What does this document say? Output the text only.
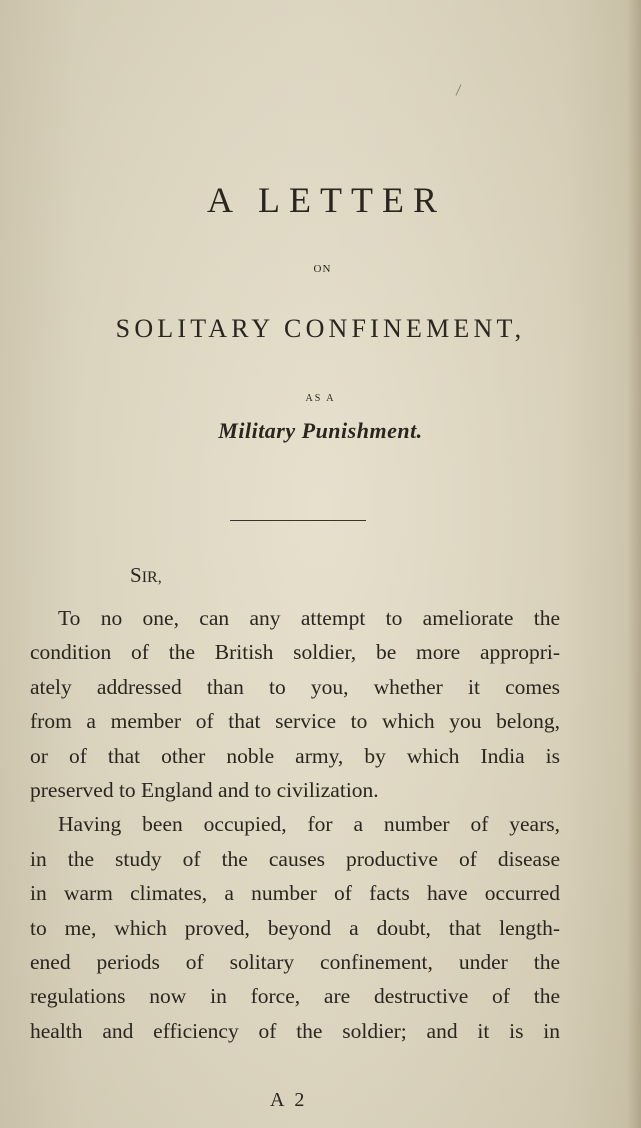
A LETTER
ON
SOLITARY CONFINEMENT,
AS A
Military Punishment.
SIR,
To no one, can any attempt to ameliorate the
condition of the British soldier, be more appropri-
ately addressed than to you, whether it comes
from a member of that service to which you belong,
or of that other noble army, by which India is
preserved to England and to civilization.
Having been occupied, for a number of years,
in the study of the causes productive of disease
in warm climates, a number of facts have occurred
to me, which proved, beyond a doubt, that length-
ened periods of solitary confinement, under the
regulations now in force, are destructive of the
health and efficiency of the soldier; and it is in
A 2
